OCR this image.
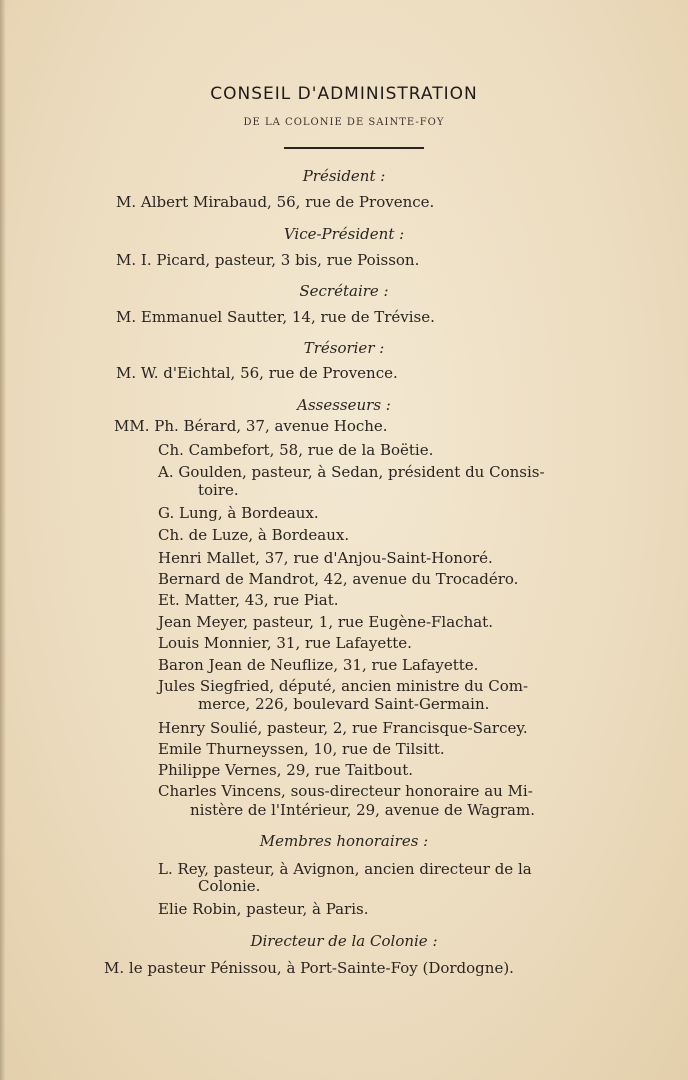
CONSEIL D'ADMINISTRATION
DE LA COLONIE DE SAINTE-FOY
Président :
M. Albert Mirabaud, 56, rue de Provence.
Vice-Président :
M. I. Picard, pasteur, 3 bis, rue Poisson.
Secrétaire :
M. Emmanuel Sautter, 14, rue de Trévise.
Trésorier :
M. W. d'Eichtal, 56, rue de Provence.
Assesseurs :
MM. Ph. Bérard, 37, avenue Hoche.
Ch. Cambefort, 58, rue de la Boëtie.
A. Goulden, pasteur, à Sedan, président du Consis-
toire.
G. Lung, à Bordeaux.
Ch. de Luze, à Bordeaux.
Henri Mallet, 37, rue d'Anjou-Saint-Honoré.
Bernard de Mandrot, 42, avenue du Trocadéro.
Et. Matter, 43, rue Piat.
Jean Meyer, pasteur, 1, rue Eugène-Flachat.
Louis Monnier, 31, rue Lafayette.
Baron Jean de Neuflize, 31, rue Lafayette.
Jules Siegfried, député, ancien ministre du Com-
merce, 226, boulevard Saint-Germain.
Henry Soulié, pasteur, 2, rue Francisque-Sarcey.
Emile Thurneyssen, 10, rue de Tilsitt.
Philippe Vernes, 29, rue Taitbout.
Charles Vincens, sous-directeur honoraire au Mi-
nistère de l'Intérieur, 29, avenue de Wagram.
Membres honoraires :
L. Rey, pasteur, à Avignon, ancien directeur de la
Colonie.
Elie Robin, pasteur, à Paris.
Directeur de la Colonie :
M. le pasteur Pénissou, à Port-Sainte-Foy (Dordogne).
